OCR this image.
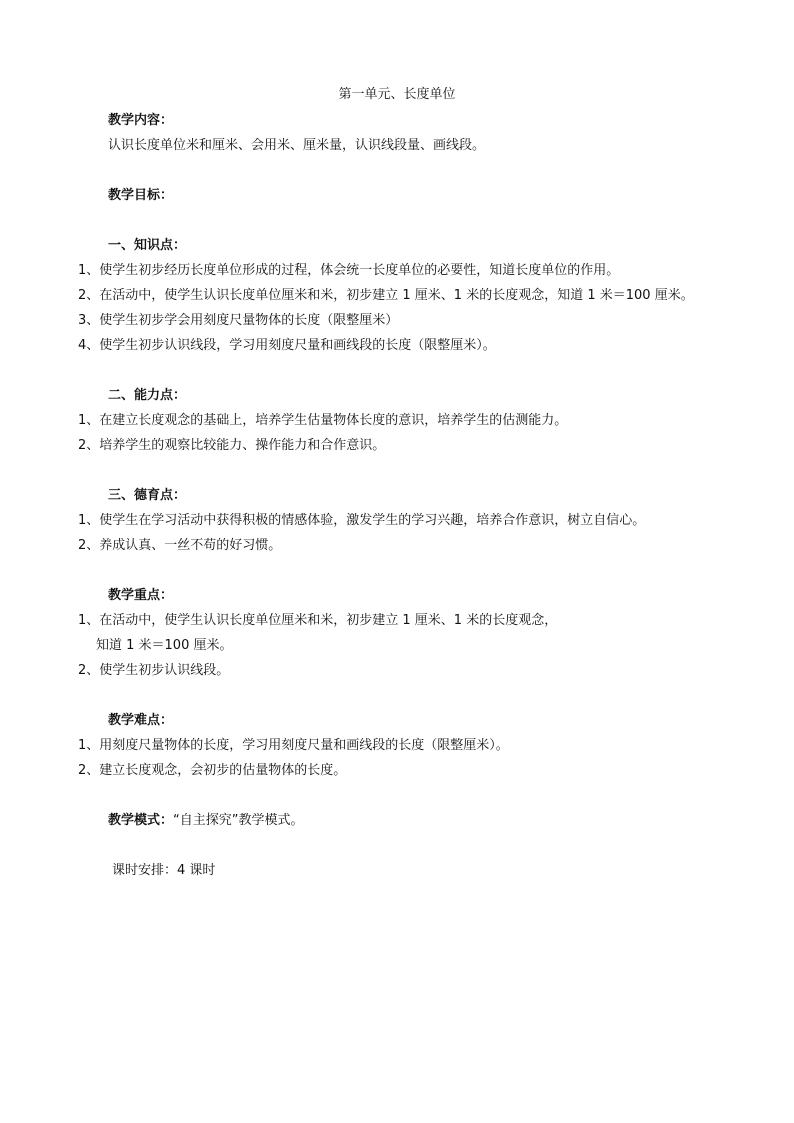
第一单元、长度单位
教学内容：
认识长度单位米和厘米、会用米、厘米量，认识线段量、画线段。
教学目标：
一、知识点：
1、使学生初步经历长度单位形成的过程，体会统一长度单位的必要性，知道长度单位的作用。
2、在活动中，使学生认识长度单位厘米和米，初步建立 1 厘米、1 米的长度观念，知道 1 米＝100 厘米。
3、使学生初步学会用刻度尺量物体的长度（限整厘米）
4、使学生初步认识线段，学习用刻度尺量和画线段的长度（限整厘米）。
二、能力点：
1、在建立长度观念的基础上，培养学生估量物体长度的意识，培养学生的估测能力。
2、培养学生的观察比较能力、操作能力和合作意识。
三、德育点：
1、使学生在学习活动中获得积极的情感体验，激发学生的学习兴趣，培养合作意识，树立自信心。
2、养成认真、一丝不苟的好习惯。
教学重点：
1、在活动中，使学生认识长度单位厘米和米，初步建立 1 厘米、1 米的长度观念，
知道 1 米＝100 厘米。
2、使学生初步认识线段。
教学难点：
1、用刻度尺量物体的长度，学习用刻度尺量和画线段的长度（限整厘米）。
2、建立长度观念，会初步的估量物体的长度。
教学模式：“自主探究”教学模式。
课时安排：4 课时
